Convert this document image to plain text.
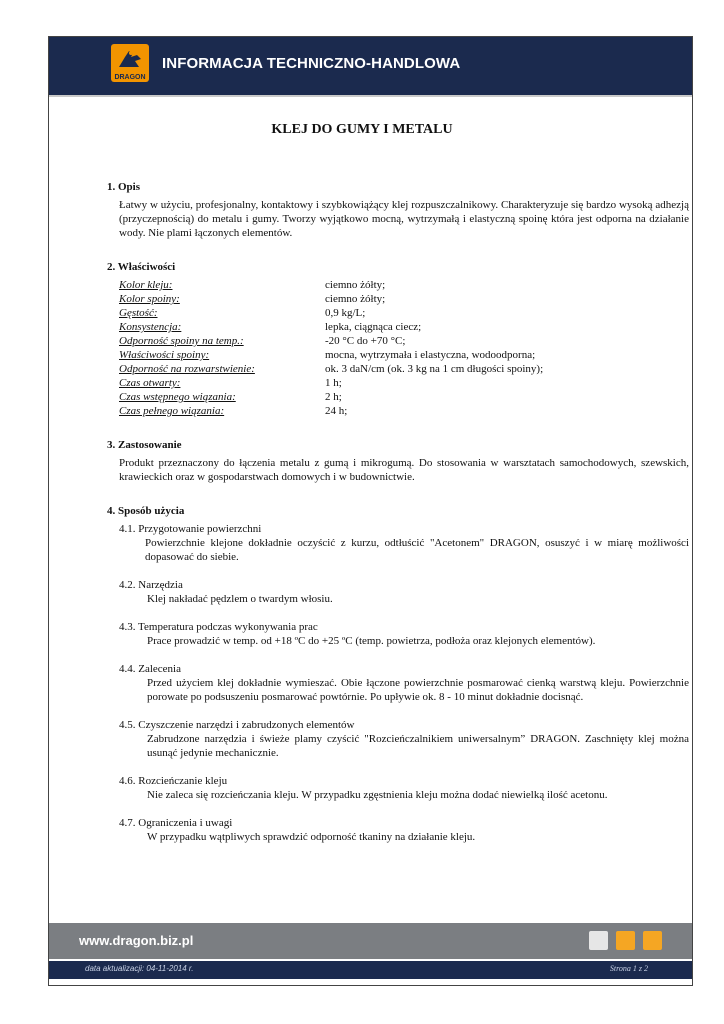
INFORMACJA TECHNICZNO-HANDLOWA
DRAGON
KLEJ DO GUMY I METALU

1. Opis

Łatwy w użyciu, profesjonalny, kontaktowy i szybkowiążący klej rozpuszczalnikowy. Charakteryzuje się bardzo wysoką adhezją (przyczepnością) do metalu i gumy. Tworzy wyjątkowo mocną, wytrzymałą i elastyczną spoinę która jest odporna na działanie wody. Nie plami łączonych elementów.

2. Właściwości

Kolor kleju:	ciemno żółty;
Kolor spoiny:	ciemno żółty;
Gęstość:	0,9 kg/L;
Konsystencja:	lepka, ciągnąca ciecz;
Odporność spoiny na temp.:	-20 °C do +70 °C;
Właściwości spoiny:	mocna, wytrzymała i elastyczna, wodoodporna;
Odporność na rozwarstwienie:	ok. 3 daN/cm (ok. 3 kg na 1 cm długości spoiny);
Czas otwarty:	1 h;
Czas wstępnego wiązania:	2 h;
Czas pełnego wiązania:	24 h;

3. Zastosowanie

Produkt przeznaczony do łączenia metalu z gumą i mikrogumą. Do stosowania w warsztatach samochodowych, szewskich, krawieckich oraz w gospodarstwach domowych i w budownictwie.

4. Sposób użycia

4.1. Przygotowanie powierzchni

Powierzchnie klejone dokładnie oczyścić z kurzu, odtłuścić "Acetonem" DRAGON, osuszyć i w miarę możliwości dopasować do siebie.

4.2. Narzędzia

Klej nakładać pędzlem o twardym włosiu.

4.3. Temperatura podczas wykonywania prac

Prace prowadzić w temp. od +18 ºC do +25 ºC (temp. powietrza, podłoża oraz klejonych elementów).

4.4. Zalecenia

Przed użyciem klej dokładnie wymieszać. Obie łączone powierzchnie posmarować cienką warstwą kleju. Powierzchnie porowate po podsuszeniu posmarować powtórnie. Po upływie ok. 8 - 10 minut dokładnie docisnąć.

4.5. Czyszczenie narzędzi i zabrudzonych elementów

Zabrudzone narzędzia i świeże plamy czyścić "Rozcieńczalnikiem uniwersalnym” DRAGON. Zaschnięty klej można usunąć jedynie mechanicznie.

4.6. Rozcieńczanie kleju

Nie zaleca się rozcieńczania kleju. W przypadku zgęstnienia kleju można dodać niewielką ilość acetonu.

4.7. Ograniczenia i uwagi

W przypadku wątpliwych sprawdzić odporność tkaniny na działanie kleju.

www.dragon.biz.pl
data aktualizacji: 04-11-2014 r.	Strona 1 z 2
